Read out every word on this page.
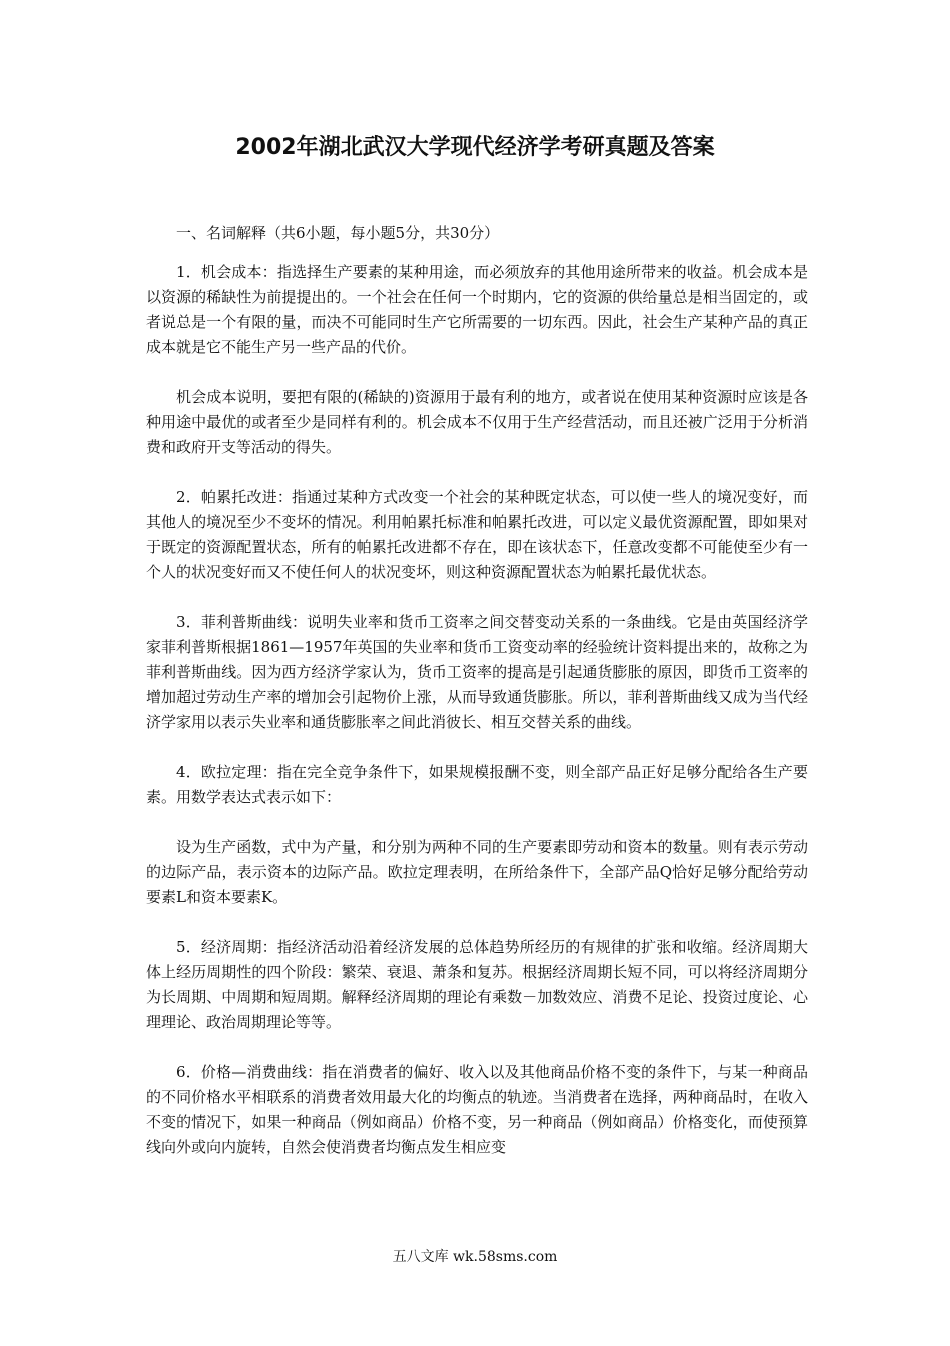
2002年湖北武汉大学现代经济学考研真题及答案

一、名词解释（共6小题，每小题5分，共30分）

1．机会成本：指选择生产要素的某种用途，而必须放弃的其他用途所带来的收益。机会成本是以资源的稀缺性为前提提出的。一个社会在任何一个时期内，它的资源的供给量总是相当固定的，或者说总是一个有限的量，而决不可能同时生产它所需要的一切东西。因此，社会生产某种产品的真正成本就是它不能生产另一些产品的代价。

机会成本说明，要把有限的(稀缺的)资源用于最有利的地方，或者说在使用某种资源时应该是各种用途中最优的或者至少是同样有利的。机会成本不仅用于生产经营活动，而且还被广泛用于分析消费和政府开支等活动的得失。

2．帕累托改进：指通过某种方式改变一个社会的某种既定状态，可以使一些人的境况变好，而其他人的境况至少不变坏的情况。利用帕累托标准和帕累托改进，可以定义最优资源配置，即如果对于既定的资源配置状态，所有的帕累托改进都不存在，即在该状态下，任意改变都不可能使至少有一个人的状况变好而又不使任何人的状况变坏，则这种资源配置状态为帕累托最优状态。

3．菲利普斯曲线：说明失业率和货币工资率之间交替变动关系的一条曲线。它是由英国经济学家菲利普斯根据1861—1957年英国的失业率和货币工资变动率的经验统计资料提出来的，故称之为菲利普斯曲线。因为西方经济学家认为，货币工资率的提高是引起通货膨胀的原因，即货币工资率的增加超过劳动生产率的增加会引起物价上涨，从而导致通货膨胀。所以，菲利普斯曲线又成为当代经济学家用以表示失业率和通货膨胀率之间此消彼长、相互交替关系的曲线。

4．欧拉定理：指在完全竞争条件下，如果规模报酬不变，则全部产品正好足够分配给各生产要素。用数学表达式表示如下：

设为生产函数，式中为产量，和分别为两种不同的生产要素即劳动和资本的数量。则有表示劳动的边际产品，表示资本的边际产品。欧拉定理表明，在所给条件下，全部产品Q恰好足够分配给劳动要素L和资本要素K。

5．经济周期：指经济活动沿着经济发展的总体趋势所经历的有规律的扩张和收缩。经济周期大体上经历周期性的四个阶段：繁荣、衰退、萧条和复苏。根据经济周期长短不同，可以将经济周期分为长周期、中周期和短周期。解释经济周期的理论有乘数－加数效应、消费不足论、投资过度论、心理理论、政治周期理论等等。

6．价格—消费曲线：指在消费者的偏好、收入以及其他商品价格不变的条件下，与某一种商品的不同价格水平相联系的消费者效用最大化的均衡点的轨迹。当消费者在选择，两种商品时，在收入不变的情况下，如果一种商品（例如商品）价格不变，另一种商品（例如商品）价格变化，而使预算线向外或向内旋转，自然会使消费者均衡点发生相应变

五八文库 wk.58sms.com
